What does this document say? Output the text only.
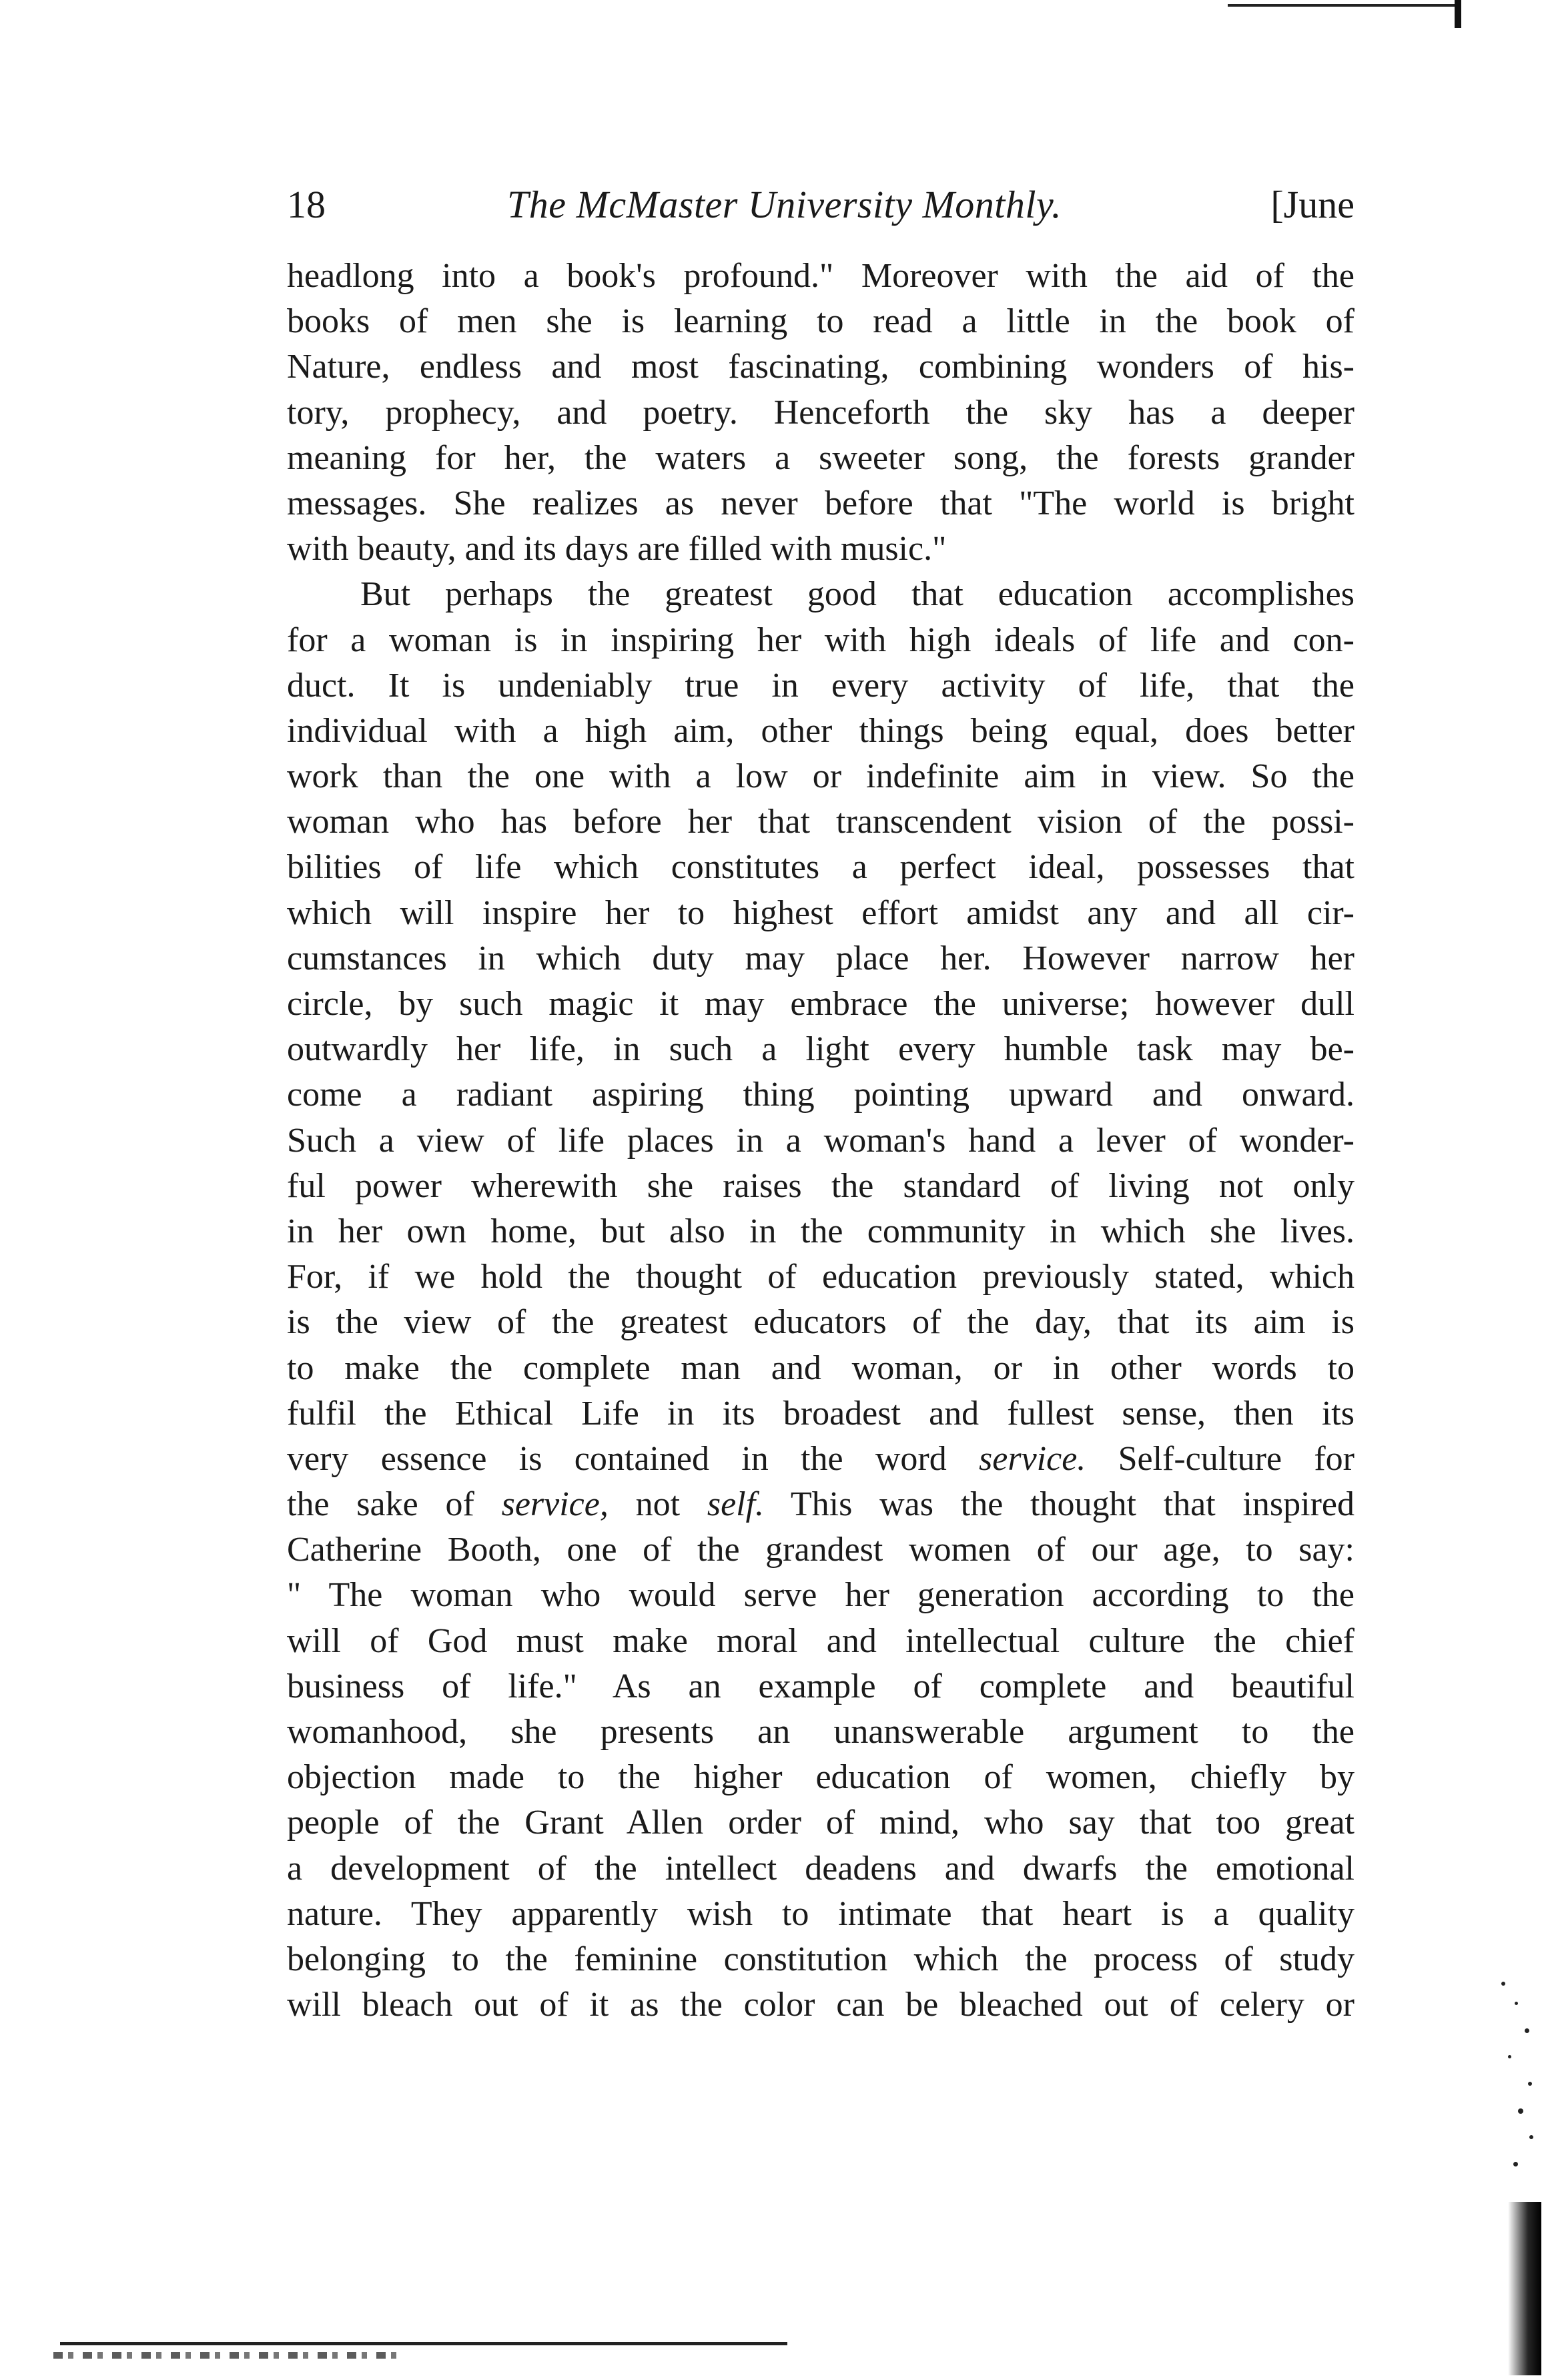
18	The McMaster University Monthly.	[June
headlong into a book's profound." Moreover with the aid of the
books of men she is learning to read a little in the book of
Nature, endless and most fascinating, combining wonders of his-
tory, prophecy, and poetry. Henceforth the sky has a deeper
meaning for her, the waters a sweeter song, the forests grander
messages. She realizes as never before that "The world is bright
with beauty, and its days are filled with music."
But perhaps the greatest good that education accomplishes
for a woman is in inspiring her with high ideals of life and con-
duct. It is undeniably true in every activity of life, that the
individual with a high aim, other things being equal, does better
work than the one with a low or indefinite aim in view. So the
woman who has before her that transcendent vision of the possi-
bilities of life which constitutes a perfect ideal, possesses that
which will inspire her to highest effort amidst any and all cir-
cumstances in which duty may place her. However narrow her
circle, by such magic it may embrace the universe; however dull
outwardly her life, in such a light every humble task may be-
come a radiant aspiring thing pointing upward and onward.
Such a view of life places in a woman's hand a lever of wonder-
ful power wherewith she raises the standard of living not only
in her own home, but also in the community in which she lives.
For, if we hold the thought of education previously stated, which
is the view of the greatest educators of the day, that its aim is
to make the complete man and woman, or in other words to
fulfil the Ethical Life in its broadest and fullest sense, then its
very essence is contained in the word service. Self-culture for
the sake of service, not self. This was the thought that inspired
Catherine Booth, one of the grandest women of our age, to say:
" The woman who would serve her generation according to the
will of God must make moral and intellectual culture the chief
business of life." As an example of complete and beautiful
womanhood, she presents an unanswerable argument to the
objection made to the higher education of women, chiefly by
people of the Grant Allen order of mind, who say that too great
a development of the intellect deadens and dwarfs the emotional
nature. They apparently wish to intimate that heart is a quality
belonging to the feminine constitution which the process of study
will bleach out of it as the color can be bleached out of celery or
